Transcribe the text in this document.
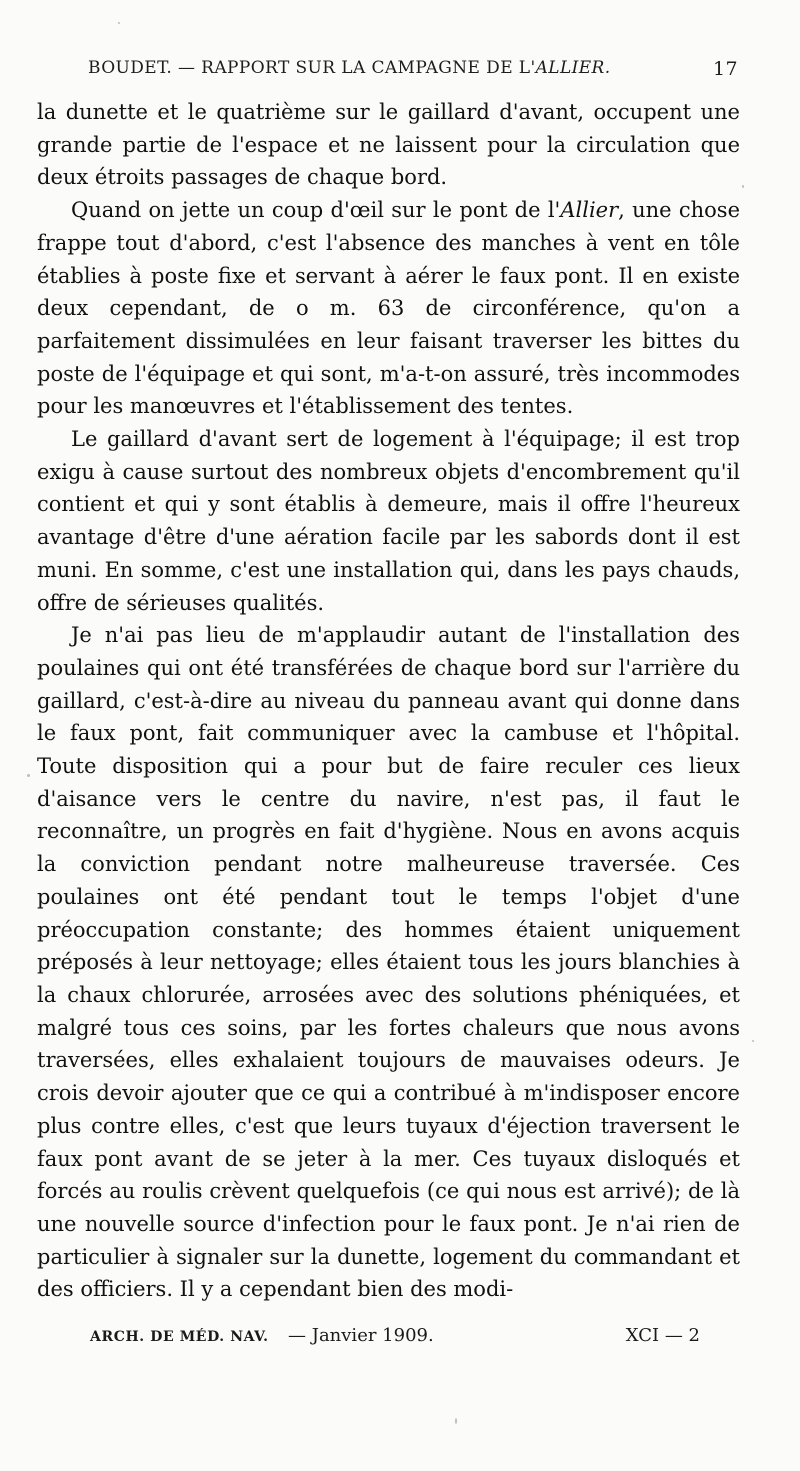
BOUDET. — RAPPORT SUR LA CAMPAGNE DE L'ALLIER.	17

la dunette et le quatrième sur le gaillard d'avant, occupent une grande partie de l'espace et ne laissent pour la circulation que deux étroits passages de chaque bord.

Quand on jette un coup d'œil sur le pont de l'Allier, une chose frappe tout d'abord, c'est l'absence des manches à vent en tôle établies à poste fixe et servant à aérer le faux pont. Il en existe deux cependant, de o m. 63 de circonférence, qu'on a parfaitement dissimulées en leur faisant traverser les bittes du poste de l'équipage et qui sont, m'a-t-on assuré, très incommodes pour les manœuvres et l'établissement des tentes.

Le gaillard d'avant sert de logement à l'équipage; il est trop exigu à cause surtout des nombreux objets d'encombrement qu'il contient et qui y sont établis à demeure, mais il offre l'heureux avantage d'être d'une aération facile par les sabords dont il est muni. En somme, c'est une installation qui, dans les pays chauds, offre de sérieuses qualités.

Je n'ai pas lieu de m'applaudir autant de l'installation des poulaines qui ont été transférées de chaque bord sur l'arrière du gaillard, c'est-à-dire au niveau du panneau avant qui donne dans le faux pont, fait communiquer avec la cambuse et l'hôpital. Toute disposition qui a pour but de faire reculer ces lieux d'aisance vers le centre du navire, n'est pas, il faut le reconnaître, un progrès en fait d'hygiène. Nous en avons acquis la conviction pendant notre malheureuse traversée. Ces poulaines ont été pendant tout le temps l'objet d'une préoccupation constante; des hommes étaient uniquement préposés à leur nettoyage; elles étaient tous les jours blanchies à la chaux chlorurée, arrosées avec des solutions phéniquées, et malgré tous ces soins, par les fortes chaleurs que nous avons traversées, elles exhalaient toujours de mauvaises odeurs. Je crois devoir ajouter que ce qui a contribué à m'indisposer encore plus contre elles, c'est que leurs tuyaux d'éjection traversent le faux pont avant de se jeter à la mer. Ces tuyaux disloqués et forcés au roulis crèvent quelquefois (ce qui nous est arrivé); de là une nouvelle source d'infection pour le faux pont. Je n'ai rien de particulier à signaler sur la dunette, logement du commandant et des officiers. Il y a cependant bien des modi-

ARCH. DE MÉD. NAV. — Janvier 1909.	XCI — 2
